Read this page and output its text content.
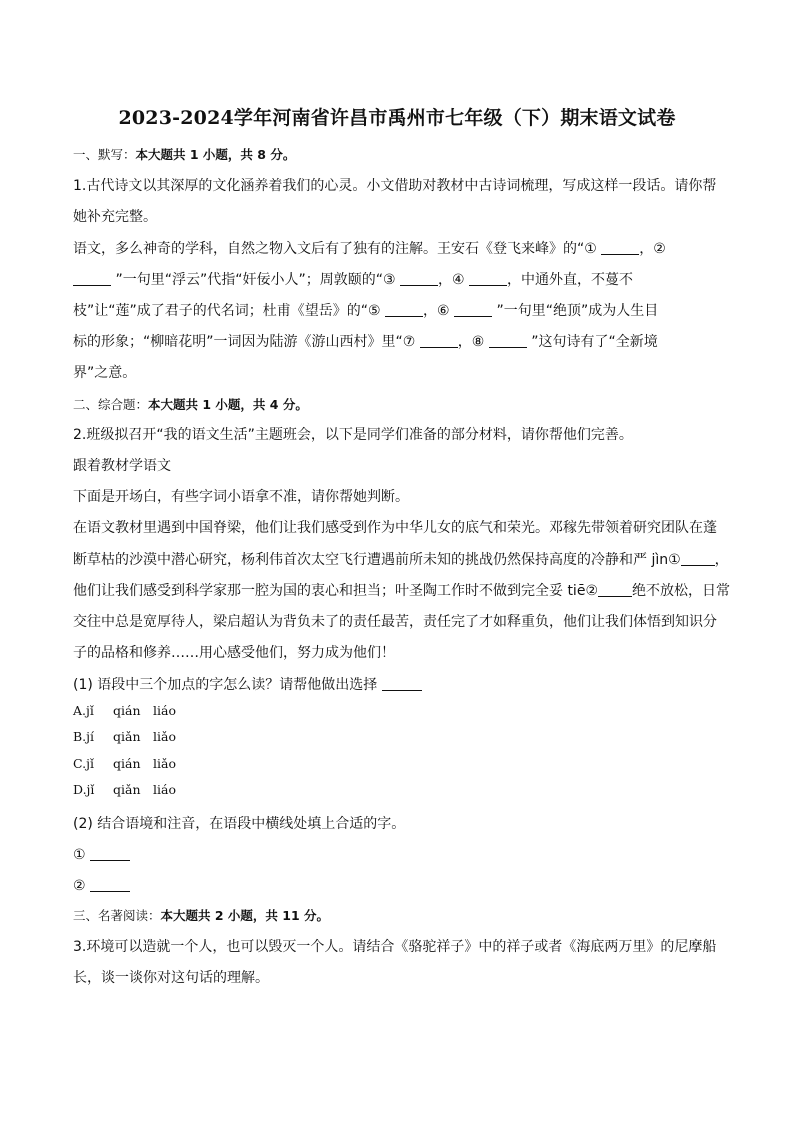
2023-2024学年河南省许昌市禹州市七年级（下）期末语文试卷
一、默写：本大题共 1 小题，共 8 分。
1.古代诗文以其深厚的文化涵养着我们的心灵。小文借助对教材中古诗词梳理，写成这样一段话。请你帮
她补充完整。
语文，多么神奇的学科，自然之物入文后有了独有的注解。王安石《登飞来峰》的“①	，②
”一句里“浮云”代指“奸佞小人”；周敦颐的“③	，④	，中通外直，不蔓不
枝”让“莲”成了君子的代名词；杜甫《望岳》的“⑤	，⑥	”一句里“绝顶”成为人生目
标的形象；“柳暗花明”一词因为陆游《游山西村》里“⑦	，⑧	”这句诗有了“全新境
界”之意。
二、综合题：本大题共 1 小题，共 4 分。
2.班级拟召开“我的语文生活”主题班会，以下是同学们准备的部分材料，请你帮他们完善。
跟着教材学语文
下面是开场白，有些字词小语拿不准，请你帮她判断。
在语文教材里遇到中国脊梁，他们让我们感受到作为中华儿女的底气和荣光。邓稼先带领着研究团队在蓬
断草枯的沙漠中潜心研究，杨利伟首次太空飞行遭遇前所未知的挑战仍然保持高度的冷静和严 jìn① ，
他们让我们感受到科学家那一腔为国的衷心和担当；叶圣陶工作时不做到完全妥 tiē② 绝不放松，日常
交往中总是宽厚待人，梁启超认为背负未了的责任最苦，责任完了才如释重负，他们让我们体悟到知识分
子的品格和修养……用心感受他们，努力成为他们！
(1) 语段中三个加点的字怎么读？请帮他做出选择
A.jǐ qián liáo
B.jí qiǎn liǎo
C.jǐ qián liǎo
D.jǐ qiǎn liáo
(2) 结合语境和注音，在语段中横线处填上合适的字。
①
②
三、名著阅读：本大题共 2 小题，共 11 分。
3.环境可以造就一个人，也可以毁灭一个人。请结合《骆驼祥子》中的祥子或者《海底两万里》的尼摩船
长，谈一谈你对这句话的理解。
